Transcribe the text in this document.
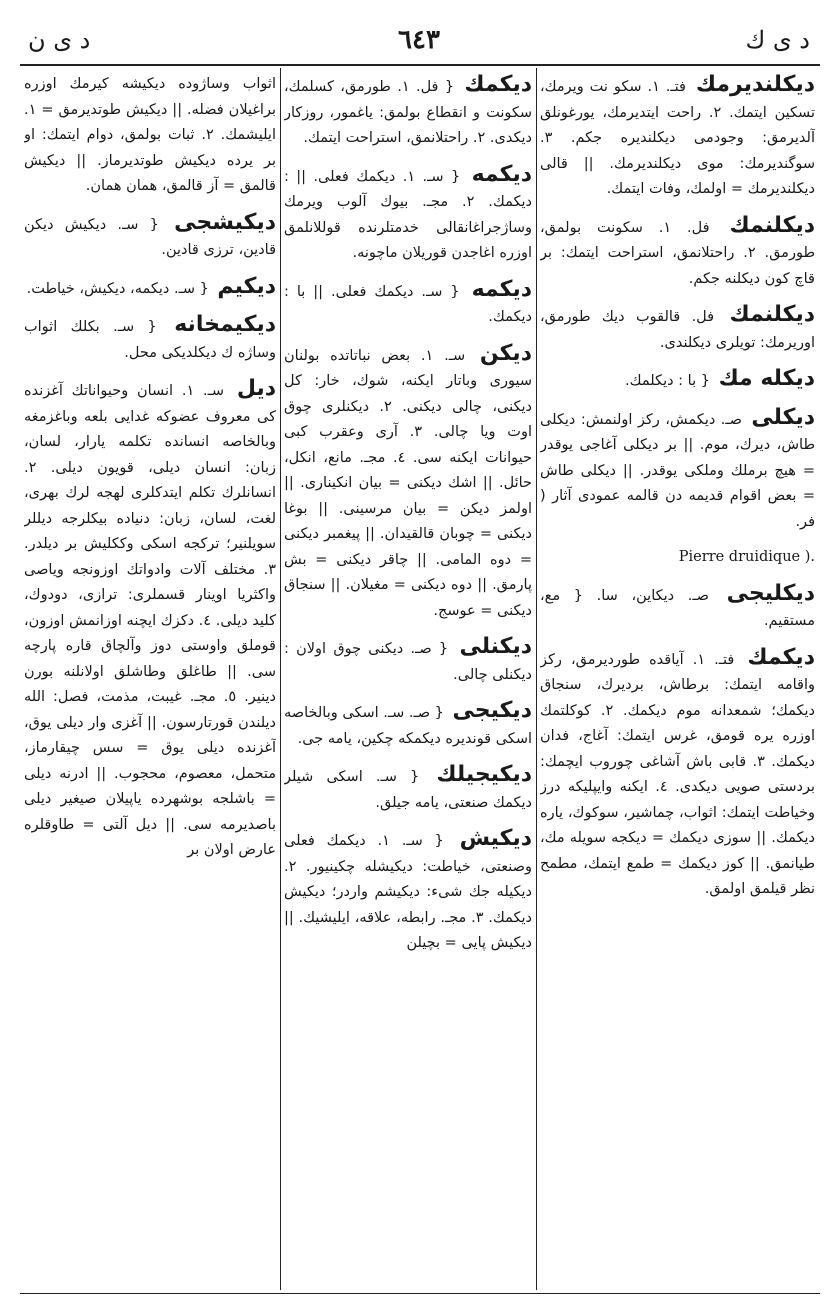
د ى ن	٦٤٣	د ى ك

ديكلنديرمك فتـ. ١. سكو نت ويرمك، تسكين ايتمك. ٢. راحت ايتديرمك، يورغونلق آلديرمق: وجودمى ديكلنديره جكم. ٣. سوگنديرمك: موى ديكلنديرمك. || قالى ديكلنديرمك = اولمك، وفات ايتمك.

ديكلنمك فل. ١. سكونت بولمق، طورمق. ٢. راحتلانمق، استراحت ايتمك: بر قاچ كون ديكلنه جكم.

ديكلنمك فل. قالقوب ديك طورمق، اوريرمك: تويلرى ديكلندى.

ديكله مك { با : ديكلمك.

ديكلى صـ. ديكمش، ركز اولنمش: ديكلى طاش، ديرك، موم. || بر ديكلى آغاجى يوقدر = هيچ برملك وملكى يوقدر. || ديكلى طاش = بعض اقوام قديمه دن قالمه عمودى آثار ( فر.

Pierre druidique ).

ديكليجى صـ. ديكاين، سا. { مع، مستقيم.

ديكمك فتـ. ١. آياقده طورديرمق، ركز واقامه ايتمك: برطاش، برديرك، سنجاق ديكمك؛ شمعدانه موم ديكمك. ٢. كوكلتمك اوزره يره قومق، غرس ايتمك: آغاج، فدان ديكمك. ٣. قابى باش آشاغى چوروب ايچمك: بردستى صويى ديكدى. ٤. ايكنه وايپليكه درز وخياطت ايتمك: اثواب، چماشير، سوكوك، ياره ديكمك. || سوزى ديكمك = ديكجه سويله مك، طيانمق. || كوز ديكمك = طمع ايتمك، مطمح نظر قيلمق اولمق.

ديكمك { فل. ١. طورمق، كسلمك، سكونت و انقطاع بولمق: ياغمور، روزكار ديكدى. ٢. راحتلانمق، استراحت ايتمك.

ديكمه { سـ. ١. ديكمك فعلى. || : ديكمك. ٢. مجـ. بيوك آلوب ويرمك وساژجراغانقالى خدمتلرنده قوللانلمق اوزره اغاجدن قوريلان ماچونه.

ديكمه { سـ. ديكمك فعلى. || با : ديكمك.

ديكن سـ. ١. بعض نباتاتده بولنان سيورى وباتار ايكنه، شوك، خار: كل ديكنى، چالى ديكنى. ٢. ديكنلرى چوق اوت ويا چالى. ٣. آرى وعقرب كبى حيوانات ايكنه سى. ٤. مجـ. مانع، انكل، حائل. || اشك ديكنى = بيان انكينارى. || اولمز ديكن = بيان مرسينى. || بوغا ديكنى = چوبان قالقيدان. || پيغمبر ديكنى = دوه المامى. || چاقر ديكنى = بش پارمق. || دوه ديكنى = مغيلان. || سنجاق ديكنى = عوسج.

ديكنلى { صـ. ديكنى چوق اولان : ديكنلى چالى.

ديكيجى { صـ. سـ. اسكى وبالخاصه اسكى قونديره ديكمكه چكين، يامه جى.

ديكيجيلك { سـ. اسكى شيلر ديكمك صنعتى، يامه جيلق.

ديكيش { سـ. ١. ديكمك فعلى وصنعتى، خياطت: ديكيشله چكينيور. ٢. ديكيله جك شىء: ديكيشم واردر؛ ديكيش ديكمك. ٣. مجـ. رابطه، علاقه، ايليشيك. || ديكيش پايى = بچيلن

اثواب وساژوده ديكيشه كيرمك اوزره براغيلان فضله. || ديكيش طوتديرمق = ١. ايليشمك. ٢. ثبات بولمق، دوام ايتمك: او بر يرده ديكيش طوتديرماز. || ديكيش قالمق = آز قالمق، همان همان.

ديكيشجى { سـ. ديكيش ديكن قادين، ترزى قادين.

ديكيم { سـ. ديكمه، ديكيش، خياطت.

ديكيمخانه { سـ. بكلك اثواب وساژه ك ديكلديكى محل.

ديل سـ. ١. انسان وحيواناتك آغزنده كى معروف عضوكه غدايى بلعه وباغزمغه وبالخاصه انسانده تكلمه يارار، لسان، زبان: انسان ديلى، قويون ديلى. ٢. انسانلرك تكلم ايتدكلرى لهجه لرك بهرى، لغت، لسان، زبان: دنياده بيكلرجه ديللر سويلنير؛ تركجه اسكى وككليش بر ديلدر. ٣. مختلف آلات وادواتك اوزونجه وياصى واكثريا اوينار قسملرى: ترازى، دودوك، كليد ديلى. ٤. دكزك ايچنه اوزانمش اوزون، قوملق واوستى دوز وآلچاق قاره پارچه سى. || طاغلق وطاشلق اولانلنه بورن دينير. ٥. مجـ. غيبت، مذمت، فصل: الله ديلندن قورتارسون. || آغزى وار ديلى يوق، آغزنده ديلى يوق = سس چيقارماز، متحمل، معصوم، محجوب. || ادرنه ديلى = باشلجه بوشهرده ياپيلان صيغير ديلى باصديرمه سى. || ديل آلتى = طاوقلره عارض اولان بر
